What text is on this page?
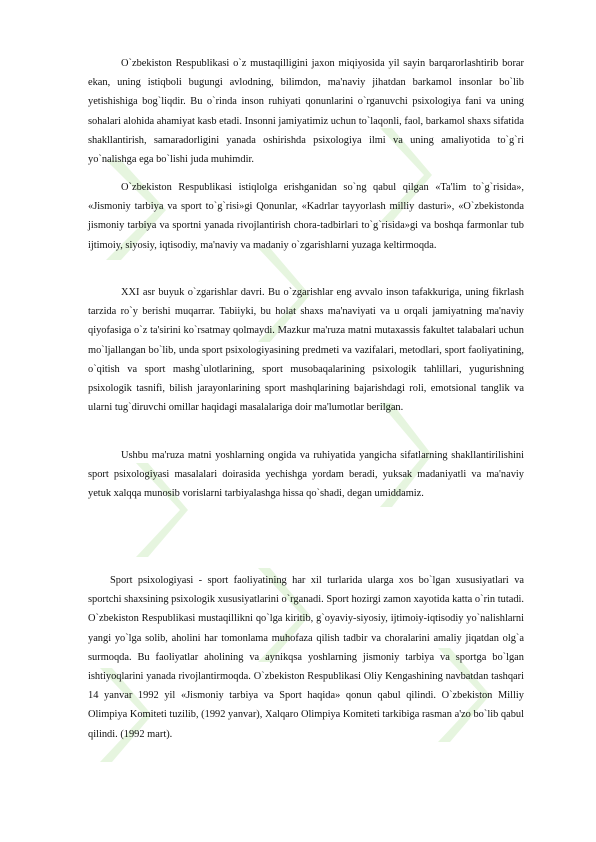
O`zbekiston Respublikasi o`z mustaqilligini jaxon miqiyosida yil sayin barqarorlashtirib borar ekan, uning istiqboli bugungi avlodning, bilimdon, ma'naviy jihatdan barkamol insonlar bo`lib yetishishiga bog`liqdir. Bu o`rinda inson ruhiyati qonunlarini o`rganuvchi psixologiya fani va uning sohalari alohida ahamiyat kasb etadi. Insonni jamiyatimiz uchun to`laqonli, faol, barkamol shaxs sifatida shakllantirish, samaradorligini yanada oshirishda psixologiya ilmi va uning amaliyotida to`g`ri yo`nalishga ega bo`lishi juda muhimdir.

O`zbekiston Respublikasi istiqlolga erishganidan so`ng qabul qilgan «Ta'lim to`g`risida», «Jismoniy tarbiya va sport to`g`risi»gi Qonunlar, «Kadrlar tayyorlash milliy dasturi», «O`zbekistonda jismoniy tarbiya va sportni yanada rivojlantirish chora-tadbirlari to`g`risida»gi va boshqa farmonlar tub ijtimoiy, siyosiy, iqtisodiy, ma'naviy va madaniy o`zgarishlarni yuzaga keltirmoqda.

XXI asr buyuk o`zgarishlar davri. Bu o`zgarishlar eng avvalo inson tafakkuriga, uning fikrlash tarzida ro`y berishi muqarrar. Tabiiyki, bu holat shaxs ma'naviyati va u orqali jamiyatning ma'naviy qiyofasiga o`z ta'sirini ko`rsatmay qolmaydi. Mazkur ma'ruza matni mutaxassis fakultet talabalari uchun mo`ljallangan bo`lib, unda sport psixologiyasining predmeti va vazifalari, metodlari, sport faoliyatining, o`qitish va sport mashg`ulotlarining, sport musobaqalarining psixologik tahlillari, yugurishning psixologik tasnifi, bilish jarayonlarining sport mashqlarining bajarishdagi roli, emotsional tanglik va ularni tug`diruvchi omillar haqidagi masalalariga doir ma'lumotlar berilgan.

Ushbu ma'ruza matni yoshlarning ongida va ruhiyatida yangicha sifatlarning shakllantirilishini sport psixologiyasi masalalari doirasida yechishga yordam beradi, yuksak madaniyatli va ma'naviy yetuk xalqqa munosib vorislarni tarbiyalashga hissa qo`shadi, degan umiddamiz.

Sport psixologiyasi - sport faoliyatining har xil turlarida ularga xos bo`lgan xususiyatlari va sportchi shaxsining psixologik xususiyatlarini o`rganadi. Sport hozirgi zamon xayotida katta o`rin tutadi. O`zbekiston Respublikasi mustaqillikni qo`lga kiritib, g`oyaviy-siyosiy, ijtimoiy-iqtisodiy yo`nalishlarni yangi yo`lga solib, aholini har tomonlama muhofaza qilish tadbir va choralarini amaliy jiqatdan olg`a surmoqda. Bu faoliyatlar aholining va aynikqsa yoshlarning jismoniy tarbiya va sportga bo`lgan ishtiyoqlarini yanada rivojlantirmoqda. O`zbekiston Respublikasi Oliy Kengashining navbatdan tashqari 14 yanvar 1992 yil «Jismoniy tarbiya va Sport haqida» qonun qabul qilindi. O`zbekiston Milliy Olimpiya Komiteti tuzilib, (1992 yanvar), Xalqaro Olimpiya Komiteti tarkibiga rasman a'zo bo`lib qabul qilindi. (1992 mart).
